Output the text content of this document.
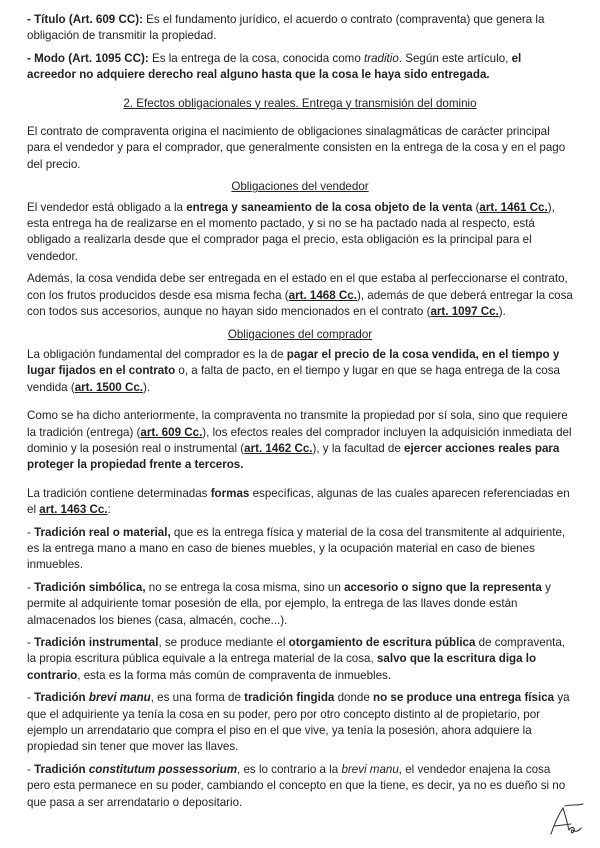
- Título (Art. 609 CC): Es el fundamento jurídico, el acuerdo o contrato (compraventa) que genera la obligación de transmitir la propiedad.

- Modo (Art. 1095 CC): Es la entrega de la cosa, conocida como traditio. Según este artículo, el acreedor no adquiere derecho real alguno hasta que la cosa le haya sido entregada.

2. Efectos obligacionales y reales. Entrega y transmisión del dominio

El contrato de compraventa origina el nacimiento de obligaciones sinalagmáticas de carácter principal para el vendedor y para el comprador, que generalmente consisten en la entrega de la cosa y en el pago del precio.

Obligaciones del vendedor

El vendedor está obligado a la entrega y saneamiento de la cosa objeto de la venta (art. 1461 Cc.), esta entrega ha de realizarse en el momento pactado, y si no se ha pactado nada al respecto, está obligado a realizarla desde que el comprador paga el precio, esta obligación es la principal para el vendedor.

Además, la cosa vendida debe ser entregada en el estado en el que estaba al perfeccionarse el contrato, con los frutos producidos desde esa misma fecha (art. 1468 Cc.), además de que deberá entregar la cosa con todos sus accesorios, aunque no hayan sido mencionados en el contrato (art. 1097 Cc.).

Obligaciones del comprador

La obligación fundamental del comprador es la de pagar el precio de la cosa vendida, en el tiempo y lugar fijados en el contrato o, a falta de pacto, en el tiempo y lugar en que se haga entrega de la cosa vendida (art. 1500 Cc.).

Como se ha dicho anteriormente, la compraventa no transmite la propiedad por sí sola, sino que requiere la tradición (entrega) (art. 609 Cc.), los efectos reales del comprador incluyen la adquisición inmediata del dominio y la posesión real o instrumental (art. 1462 Cc.), y la facultad de ejercer acciones reales para proteger la propiedad frente a terceros.

La tradición contiene determinadas formas específicas, algunas de las cuales aparecen referenciadas en el art. 1463 Cc.:

- Tradición real o material, que es la entrega física y material de la cosa del transmitente al adquiriente, es la entrega mano a mano en caso de bienes muebles, y la ocupación material en caso de bienes inmuebles.

- Tradición simbólica, no se entrega la cosa misma, sino un accesorio o signo que la representa y permite al adquiriente tomar posesión de ella, por ejemplo, la entrega de las llaves donde están almacenados los bienes (casa, almacén, coche...).

- Tradición instrumental, se produce mediante el otorgamiento de escritura pública de compraventa, la propia escritura pública equivale a la entrega material de la cosa, salvo que la escritura diga lo contrario, esta es la forma más común de compraventa de inmuebles.

- Tradición brevi manu, es una forma de tradición fingida donde no se produce una entrega física ya que el adquiriente ya tenía la cosa en su poder, pero por otro concepto distinto al de propietario, por ejemplo un arrendatario que compra el piso en el que vive, ya tenía la posesión, ahora adquiere la propiedad sin tener que mover las llaves.

- Tradición constitutum possessorium, es lo contrario a la brevi manu, el vendedor enajena la cosa pero esta permanece en su poder, cambiando el concepto en que la tiene, es decir, ya no es dueño si no que pasa a ser arrendatario o depositario.
